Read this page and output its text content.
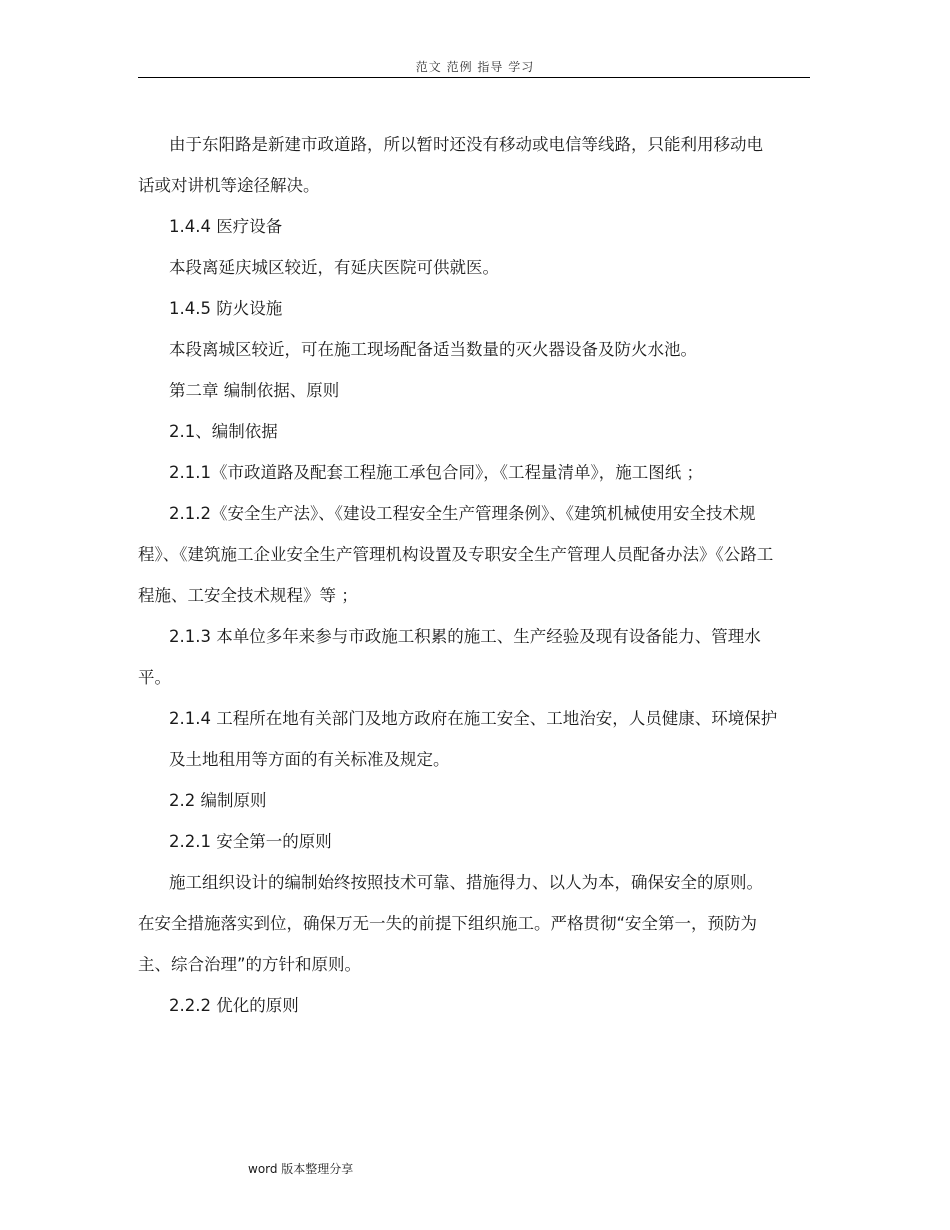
范文 范例 指导 学习

由于东阳路是新建市政道路，所以暂时还没有移动或电信等线路，只能利用移动电话或对讲机等途径解决。

1.4.4 医疗设备

本段离延庆城区较近，有延庆医院可供就医。

1.4.5 防火设施

本段离城区较近，可在施工现场配备适当数量的灭火器设备及防火水池。

第二章 编制依据、原则

2.1、编制依据

2.1.1《市政道路及配套工程施工承包合同》，《工程量清单》，施工图纸 ；

2.1.2《安全生产法》、《建设工程安全生产管理条例》、《建筑机械使用安全技术规程》、《建筑施工企业安全生产管理机构设置及专职安全生产管理人员配备办法》《公路工程施、工安全技术规程》等 ；

2.1.3 本单位多年来参与市政施工积累的施工、生产经验及现有设备能力、管理水平。

2.1.4 工程所在地有关部门及地方政府在施工安全、工地治安，人员健康、环境保护

及土地租用等方面的有关标准及规定。

2.2 编制原则

2.2.1 安全第一的原则

施工组织设计的编制始终按照技术可靠、措施得力、以人为本，确保安全的原则。在安全措施落实到位，确保万无一失的前提下组织施工。严格贯彻“安全第一，预防为主、综合治理”的方针和原则。

2.2.2 优化的原则

word 版本整理分享
